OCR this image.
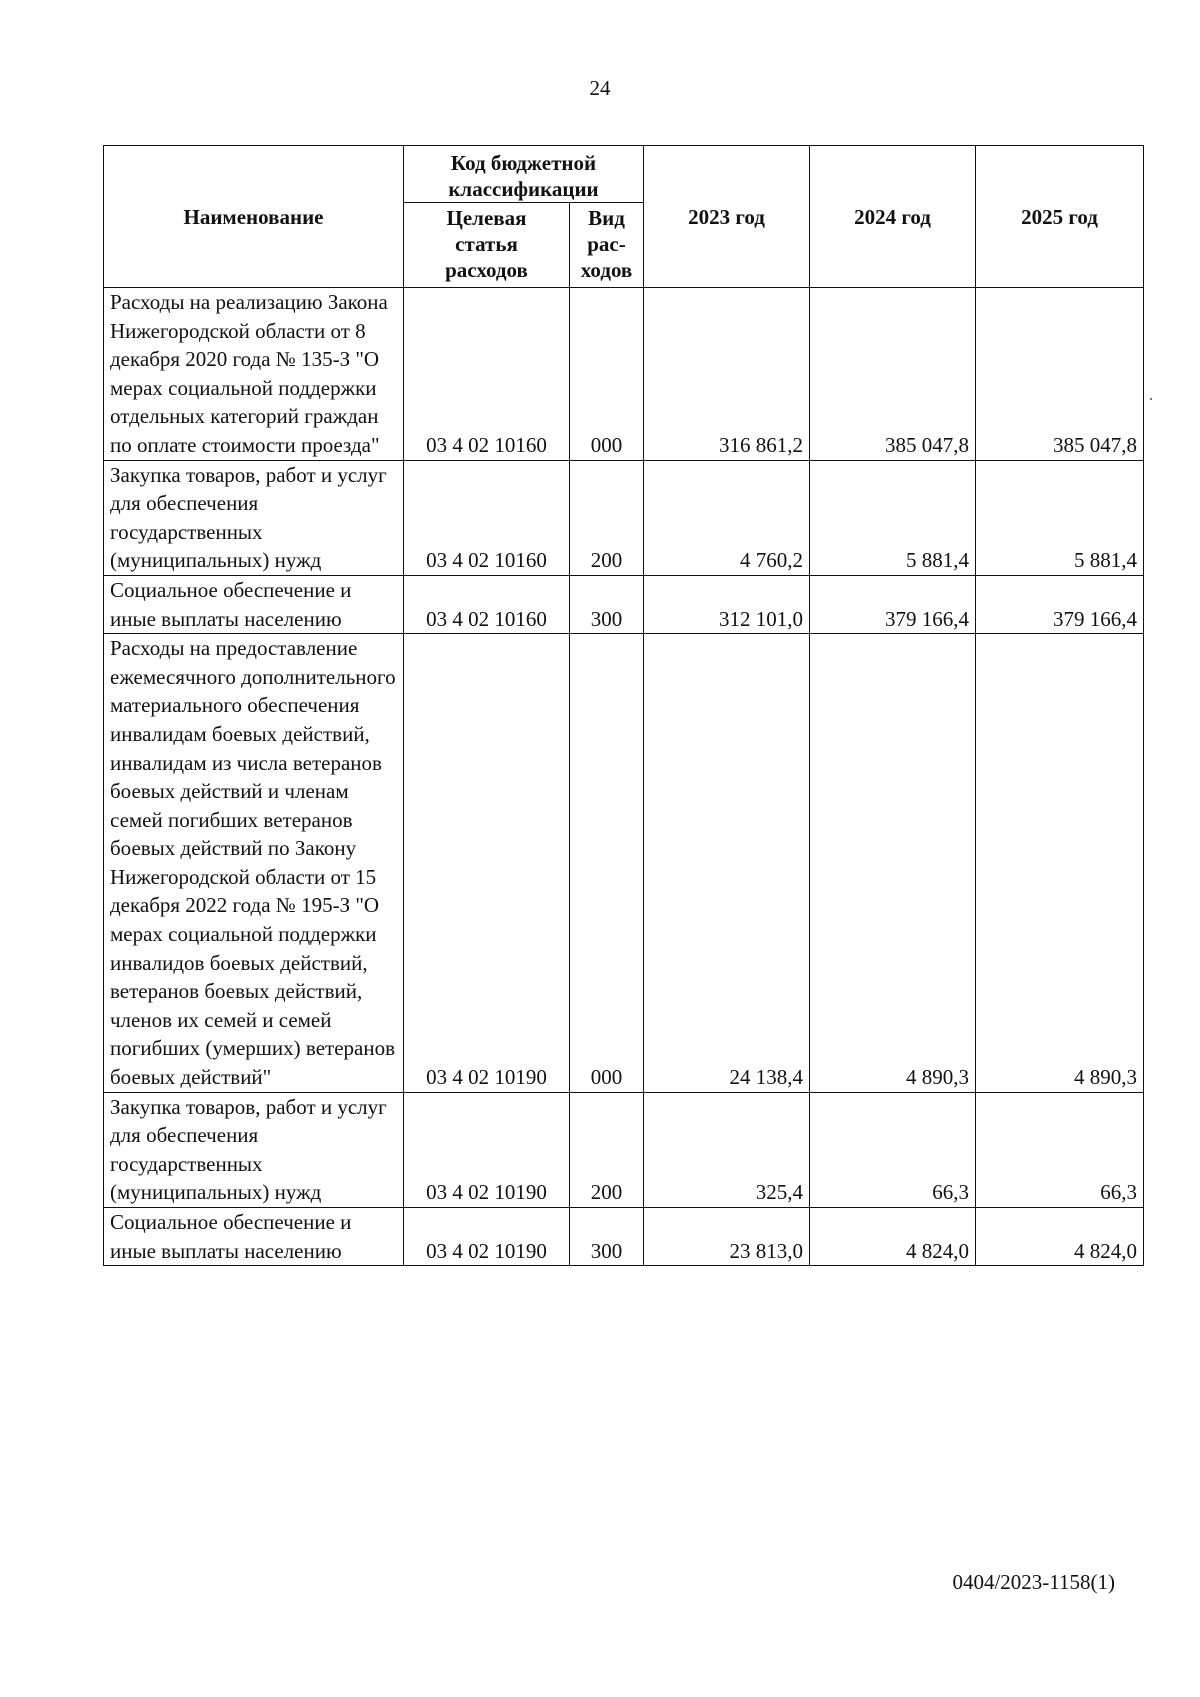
24
Наименование	Код бюджетной классификации		2023 год	2024 год	2025 год
	Целевая статья расходов	Вид рас-ходов			
Расходы на реализацию Закона Нижегородской области от 8 декабря 2020 года № 135-З "О мерах социальной поддержки отдельных категорий граждан по оплате стоимости проезда"	03 4 02 10160	000	316 861,2	385 047,8	385 047,8
Закупка товаров, работ и услуг для обеспечения государственных (муниципальных) нужд	03 4 02 10160	200	4 760,2	5 881,4	5 881,4
Социальное обеспечение и иные выплаты населению	03 4 02 10160	300	312 101,0	379 166,4	379 166,4
Расходы на предоставление ежемесячного дополнительного материального обеспечения инвалидам боевых действий, инвалидам из числа ветеранов боевых действий и членам семей погибших ветеранов боевых действий по Закону Нижегородской области от 15 декабря 2022 года № 195-З "О мерах социальной поддержки инвалидов боевых действий, ветеранов боевых действий, членов их семей и семей погибших (умерших) ветеранов боевых действий"	03 4 02 10190	000	24 138,4	4 890,3	4 890,3
Закупка товаров, работ и услуг для обеспечения государственных (муниципальных) нужд	03 4 02 10190	200	325,4	66,3	66,3
Социальное обеспечение и иные выплаты населению	03 4 02 10190	300	23 813,0	4 824,0	4 824,0
0404/2023-1158(1)
